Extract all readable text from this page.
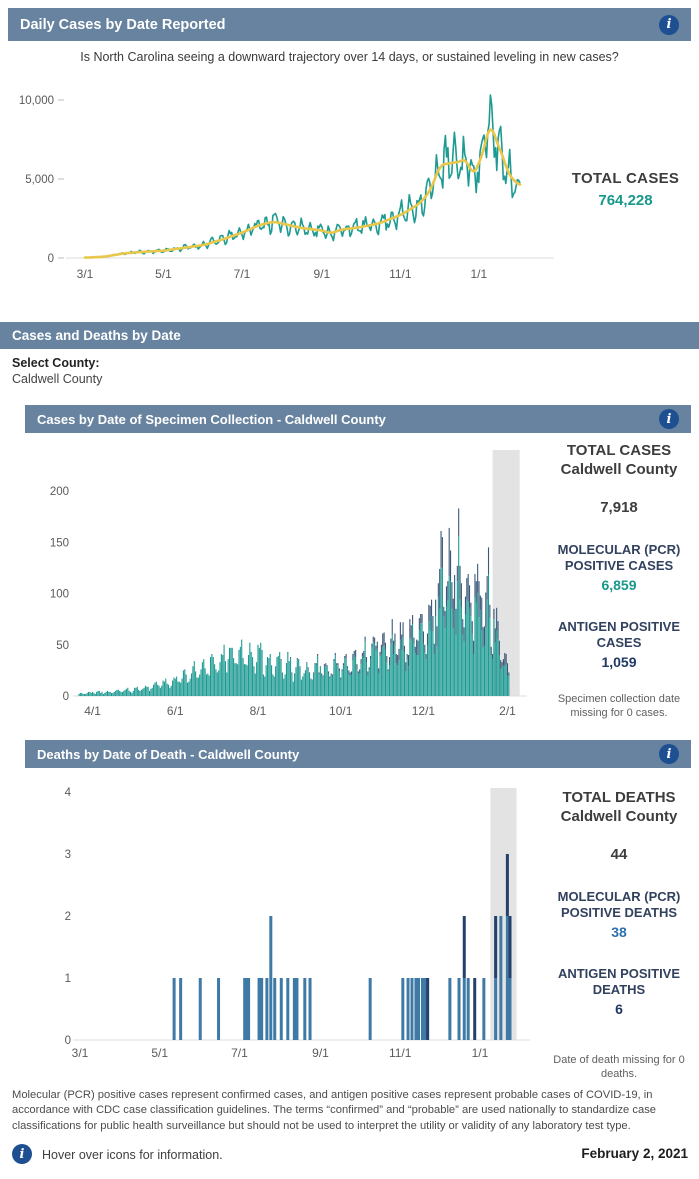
Daily Cases by Date Reported	i
Is North Carolina seeing a downward trajectory over 14 days, or sustained leveling in new cases?
0
5,000
10,000
3/1	5/1	7/1	9/1	11/1	1/1
TOTAL CASES
764,228
Cases and Deaths by Date
Select County:
Caldwell County
Cases by Date of Specimen Collection - Caldwell County	i
0
50
100
150
200
4/1	6/1	8/1	10/1	12/1	2/1
TOTAL CASES
Caldwell County
7,918
MOLECULAR (PCR) POSITIVE CASES
6,859
ANTIGEN POSITIVE CASES
1,059
Specimen collection date missing for 0 cases.
Deaths by Date of Death - Caldwell County	i
0
1
2
3
4
3/1	5/1	7/1	9/1	11/1	1/1
TOTAL DEATHS
Caldwell County
44
MOLECULAR (PCR) POSITIVE DEATHS
38
ANTIGEN POSITIVE DEATHS
6
Date of death missing for 0 deaths.
Molecular (PCR) positive cases represent confirmed cases, and antigen positive cases represent probable cases of COVID-19, in accordance with CDC case classification guidelines. The terms “confirmed” and “probable” are used nationally to standardize case classifications for public health surveillance but should not be used to interpret the utility or validity of any laboratory test type.
i Hover over icons for information.	February 2, 2021
